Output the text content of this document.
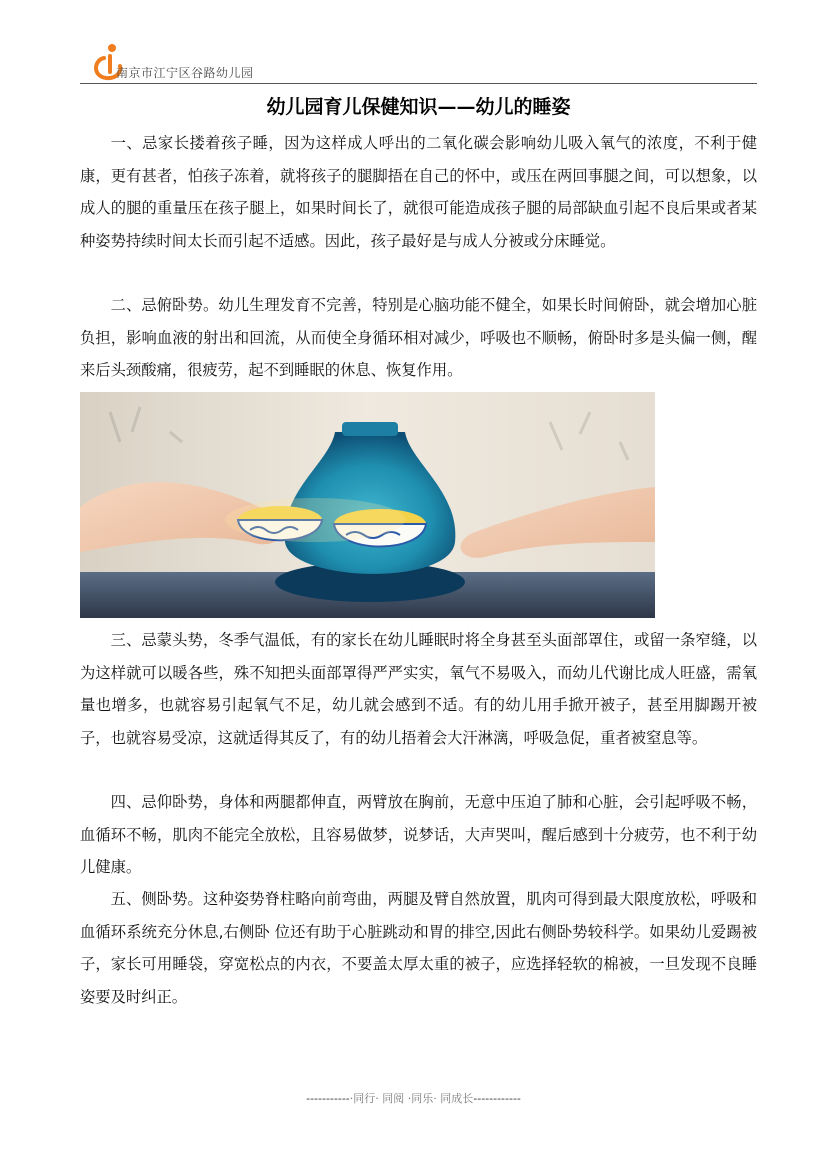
南京市江宁区谷路幼儿园
幼儿园育儿保健知识——幼儿的睡姿

一、忌家长搂着孩子睡，因为这样成人呼出的二氧化碳会影响幼儿吸入氧气的浓度，不利于健康，更有甚者，怕孩子冻着，就将孩子的腿脚捂在自己的怀中，或压在两回事腿之间，可以想象，以成人的腿的重量压在孩子腿上，如果时间长了，就很可能造成孩子腿的局部缺血引起不良后果或者某种姿势持续时间太长而引起不适感。因此，孩子最好是与成人分被或分床睡觉。

二、忌俯卧势。幼儿生理发育不完善，特别是心脑功能不健全，如果长时间俯卧，就会增加心脏负担，影响血液的射出和回流，从而使全身循环相对减少，呼吸也不顺畅，俯卧时多是头偏一侧，醒来后头颈酸痛，很疲劳，起不到睡眠的休息、恢复作用。

三、忌蒙头势，冬季气温低，有的家长在幼儿睡眠时将全身甚至头面部罩住，或留一条窄缝，以为这样就可以暖各些，殊不知把头面部罩得严严实实，氧气不易吸入，而幼儿代谢比成人旺盛，需氧量也增多，也就容易引起氧气不足，幼儿就会感到不适。有的幼儿用手掀开被子，甚至用脚踢开被子，也就容易受凉，这就适得其反了，有的幼儿捂着会大汗淋漓，呼吸急促，重者被窒息等。

四、忌仰卧势，身体和两腿都伸直，两臂放在胸前，无意中压迫了肺和心脏，会引起呼吸不畅，血循环不畅，肌肉不能完全放松，且容易做梦，说梦话，大声哭叫，醒后感到十分疲劳，也不利于幼儿健康。

五、侧卧势。这种姿势脊柱略向前弯曲，两腿及臂自然放置，肌肉可得到最大限度放松，呼吸和血循环系统充分休息,右侧卧 位还有助于心脏跳动和胃的排空,因此右侧卧势较科学。如果幼儿爱踢被子，家长可用睡袋，穿宽松点的内衣，不要盖太厚太重的被子，应选择轻软的棉被，一旦发现不良睡姿要及时纠正。

-----------·同行· 同阅 ·同乐· 同成长------------
